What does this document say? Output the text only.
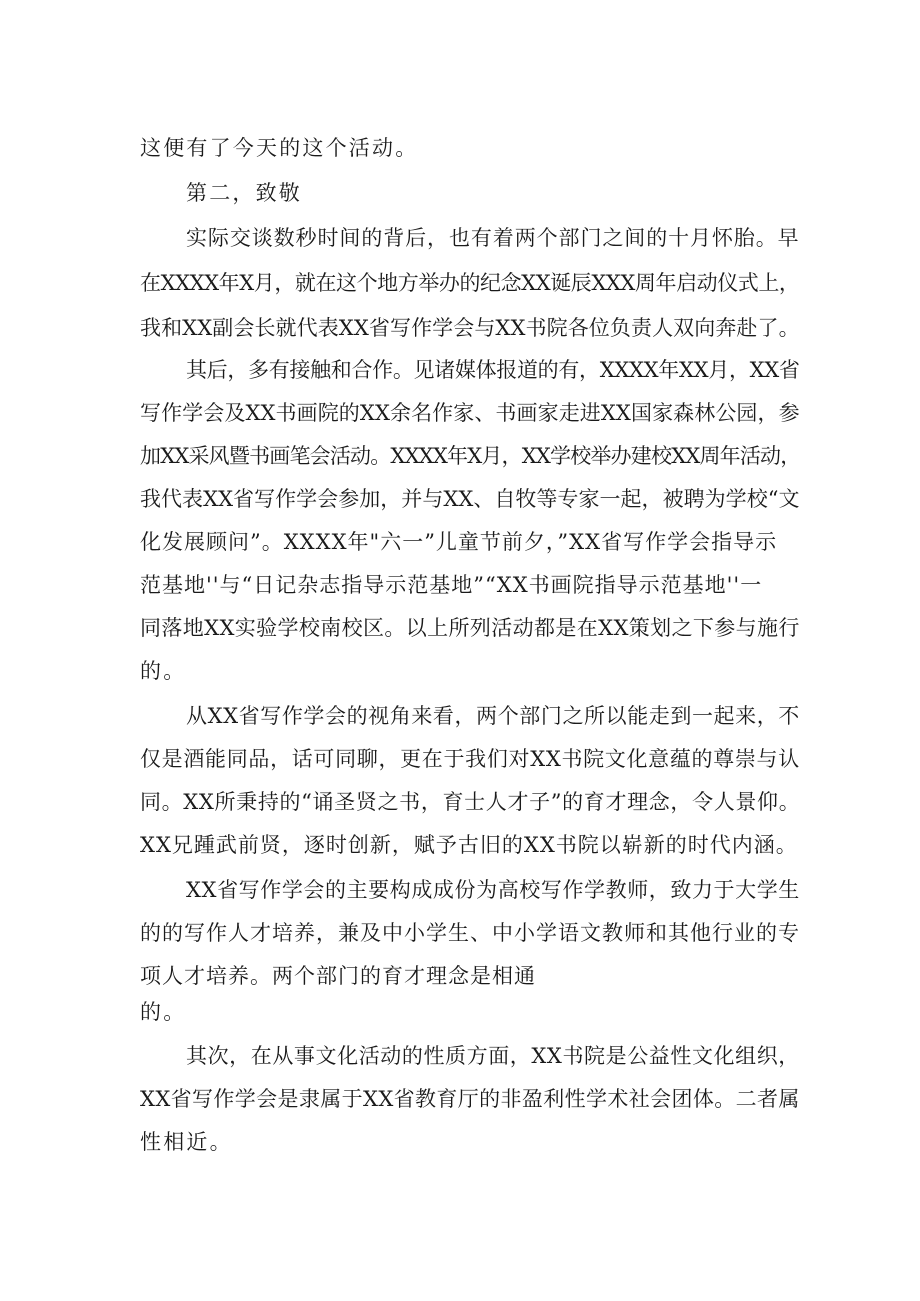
这便有了今天的这个活动。
第二，致敬
实际交谈数秒时间的背后，也有着两个部门之间的十月怀胎。早
在XXXX年X月，就在这个地方举办的纪念XX诞辰XXX周年启动仪式上，
我和XX副会长就代表XX省写作学会与XX书院各位负责人双向奔赴了。
其后，多有接触和合作。见诸媒体报道的有，XXXX年XX月，XX省
写作学会及XX书画院的XX余名作家、书画家走进XX国家森林公园，参
加XX采风暨书画笔会活动。XXXX年X月，XX学校举办建校XX周年活动，
我代表XX省写作学会参加，并与XX、自牧等专家一起，被聘为学校“文
化发展顾问”。XXXX年"六一”儿童节前夕，”XX省写作学会指导示
范基地''与“日记杂志指导示范基地”“XX书画院指导示范基地''一
同落地XX实验学校南校区。以上所列活动都是在XX策划之下参与施行
的。
从XX省写作学会的视角来看，两个部门之所以能走到一起来，不
仅是酒能同品，话可同聊，更在于我们对XX书院文化意蕴的尊崇与认
同。XX所秉持的“诵圣贤之书，育士人才子”的育才理念，令人景仰。
XX兄踵武前贤，逐时创新，赋予古旧的XX书院以崭新的时代内涵。
XX省写作学会的主要构成成份为高校写作学教师，致力于大学生
的的写作人才培养，兼及中小学生、中小学语文教师和其他行业的专
项人才培养。两个部门的育才理念是相通
的。
其次，在从事文化活动的性质方面，XX书院是公益性文化组织，
XX省写作学会是隶属于XX省教育厅的非盈利性学术社会团体。二者属
性相近。
